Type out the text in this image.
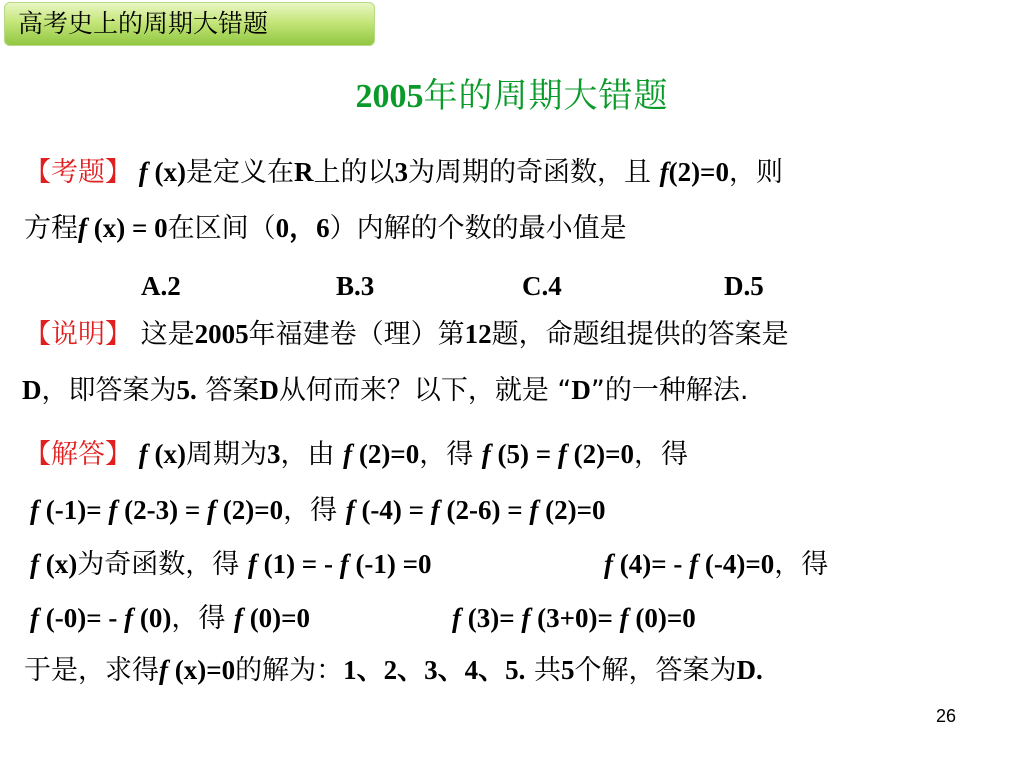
高考史上的周期大错题
2005年的周期大错题
【考题】 f (x)是定义在R上的以3为周期的奇函数，且 f(2)=0，则
方程f (x) = 0在区间（0，6）内解的个数的最小值是
A.2	B.3	C.4	D.5
【说明】 这是2005年福建卷（理）第12题，命题组提供的答案是
D，即答案为5. 答案D从何而来？以下，就是 “D”的一种解法.
【解答】 f (x)周期为3，由 f (2)=0，得 f (5) = f (2)=0，得
f (-1)= f (2-3) = f (2)=0，得 f (-4) = f (2-6) = f (2)=0
f (x)为奇函数，得 f (1) = - f (-1) =0	f (4)= - f (-4)=0，得
f (-0)= - f (0)，得 f (0)=0	f (3)= f (3+0)= f (0)=0
于是，求得f (x)=0的解为：1、2、3、4、5. 共5个解，答案为D.
26
